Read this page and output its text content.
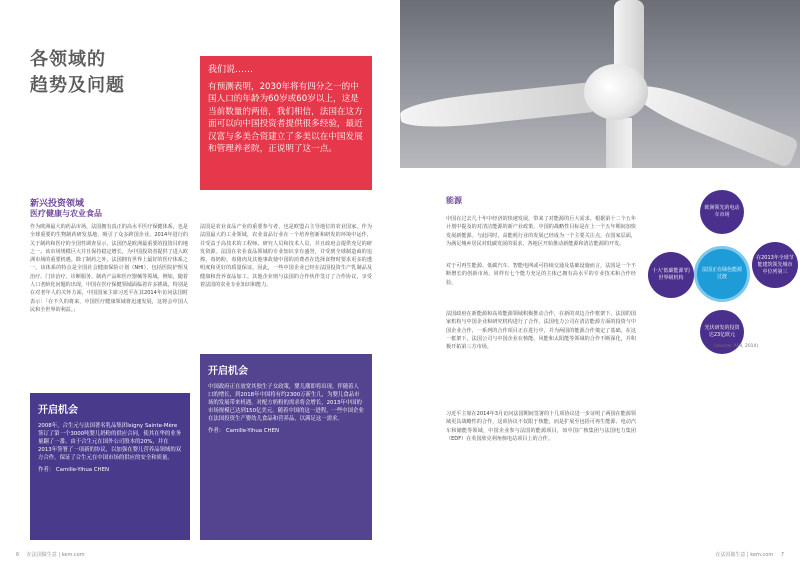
各领域的
趋势及问题
我们说……
有预测表明，2030年将有四分之一的中国人口的年龄为60岁或60岁以上，这是当前数量的两倍，我们相信，法国在这方面可以向中国投资者提供很多经验，最近汉富与多美合资建立了多美以在中国发展和管理养老院，正说明了这一点。
新兴投资领域
医疗健康与农业食品
作为欧洲最大的药品市场，法国拥有真正的高水平医疗保健体系，也是全球重要的生物制药研发基地，吸引了众多跨国企业。2014年进行的关于制药和医疗的全国性调查显示，法国仍是欧洲最重要的投资目的地之一。该市场规模巨大并且保持稳定增长，为中国投资者提供了进入欧洲市场的重要机遇。除了制药之外，法国拥有世界上最好的医疗体系之一。该体系的特点是全国社会健康保险计划（NHI），包括医院护理及治疗、门诊治疗、诊断服务、制药产品和医疗器械等领域。例如，随着人口老龄化问题的出现，中国在医疗保健领域面临着许多挑战，特别是在对老年人的关怀方面，中国国家主席习近平在其2014年访问法国时表示：「在不久的将来，中国医疗健康领域将迅速发展，这将会中国人民和全世界的利益。」
法国是农业食品产业的重要参与者，也是欧盟占主导地位的农业国家。作为法国最大的工业领域，农业食品行业在一个培养创新和研发的环境中运作，并受益于高技术的工程师、研究人员和技术人员，并且政府会提供充足的研发资源。法国在农业食品领域的专业知识享有盛誉，并受到全球制造商的追捧。毒奶粉、毒猪肉及其他事故使中国的消费者在选择食物时要求更多的透明度和更好的质量保证。因此，一些中国企业已经在法国投资生产乳制品及健康和营养食品加工。其他企业则与法国的合作伙伴签订了合作协议，享受着法国的农业专业知识和能力。
开启机会

2008年，合生元与法国著名乳品集团Isigny Sainte-Mère签订了第一个3000吨婴儿奶粉的供应合同，使其在华的业务量翻了一番。由于合生元在国外公司股本的20%，并在2013年签署了一项新的协议，以加强在婴儿营养品领域的双方合作，保证了合生元在中国市场的供应的安全和质量。

作者： Camille-Yihua CHEN

开启机会

中国政府正在放宽其独生子女政策，婴儿潮即将出现。伴随着人口的增长，到2018年中国将有约2300万新生儿，为婴儿食品市场的发展带来机遇。对配方奶粉的需求将会增长，2013年中国的市场规模已达到150亿美元。随着中国的这一进程，一些中国企业在法国投资生产婴幼儿食品和营养品，以满足这一需求。

作者： Camille-Yihua CHEN

6 在法国做生意 | kem.com
能源
中国在过去几十年中经济的快速发展，带来了对能源的巨大需求。根据第十二个五年计划中提及的对清洁能源的新产业政策，中国的战略性目标是在上一个五年期间加快发展新能源。与此同时，高能耗行业的发展已经成为一个主要关注点，在国家层面，为满足城乡居民对低碳发展的需求，各地区开始推动新能源和清洁能源的开发。
对于可再生能源、低碳汽车、智能电网或可持续交通及基础设施而言，法国是一个不断增长的创新市场，同样有七个能力充足的主体已拥有高水平的专业技术和合作经验。
法国政府在新能源和高效能源领域积极推动合作，在新的双边合作框架下，法国的国家机构与中国企业和研究机构进行了合作。法国电力公司在清洁能源方面的投资与中国企业合作，一系列的合作项目正在进行中，并为两国的能源合作奠定了基础。在这一框架下，法国公司与中国企业在核能、风能和太阳能等领域的合作不断深化，并积极开拓第三方市场。
习近平主席在2014年3月访问法国期间签署的十几项协议进一步证明了两国在能源领域更具战略性的合作，这项协议不仅限于核能，而是扩展至包括可再生能源、电动汽车和储能等领域，中国企业参与法国的能源项目，如中国广核集团与法国电力集团（EDF）在英国欣克利角核电站项目上的合作。
欧洲领先的电动车市场
十大'低碳能源'的世界级机构
法国正在绿色能源过渡
在2013年全球节能建筑领先城市中位列第三
光伏研发的投资达23亿欧元
(source: APII, 2014)
在法国做生意 | kem.com 7
